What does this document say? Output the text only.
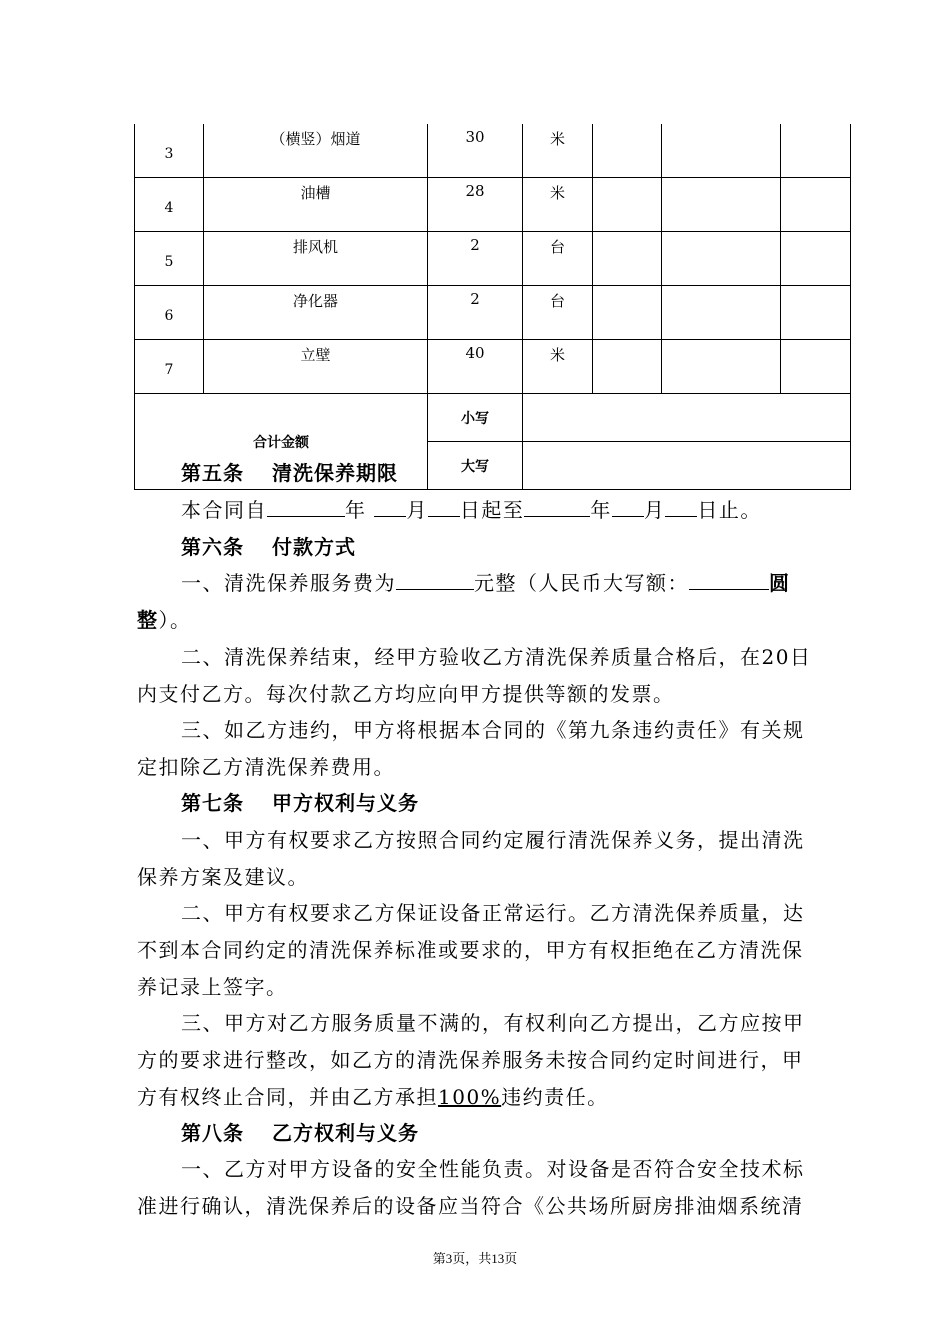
3	（横竖）烟道	30	米			
4	油槽	28	米			
5	排风机	2	台			
6	净化器	2	台			
7	立壁	40	米			
合计金额		小写				
		大写				

第五条 清洗保养期限

本合同自	年 月 日起至	年 月 日止。

第六条 付款方式

一、清洗保养服务费为	元整（人民币大写额：	圆整）。

二、清洗保养结束，经甲方验收乙方清洗保养质量合格后，在20日内支付乙方。每次付款乙方均应向甲方提供等额的发票。

三、如乙方违约，甲方将根据本合同的《第九条违约责任》有关规定扣除乙方清洗保养费用。

第七条 甲方权利与义务

一、甲方有权要求乙方按照合同约定履行清洗保养义务，提出清洗保养方案及建议。

二、甲方有权要求乙方保证设备正常运行。乙方清洗保养质量，达不到本合同约定的清洗保养标准或要求的，甲方有权拒绝在乙方清洗保养记录上签字。

三、甲方对乙方服务质量不满的，有权利向乙方提出，乙方应按甲方的要求进行整改，如乙方的清洗保养服务未按合同约定时间进行，甲方有权终止合同，并由乙方承担100%违约责任。

第八条 乙方权利与义务

一、乙方对甲方设备的安全性能负责。对设备是否符合安全技术标准进行确认，清洗保养后的设备应当符合《公共场所厨房排油烟系统清

第3页，共13页
